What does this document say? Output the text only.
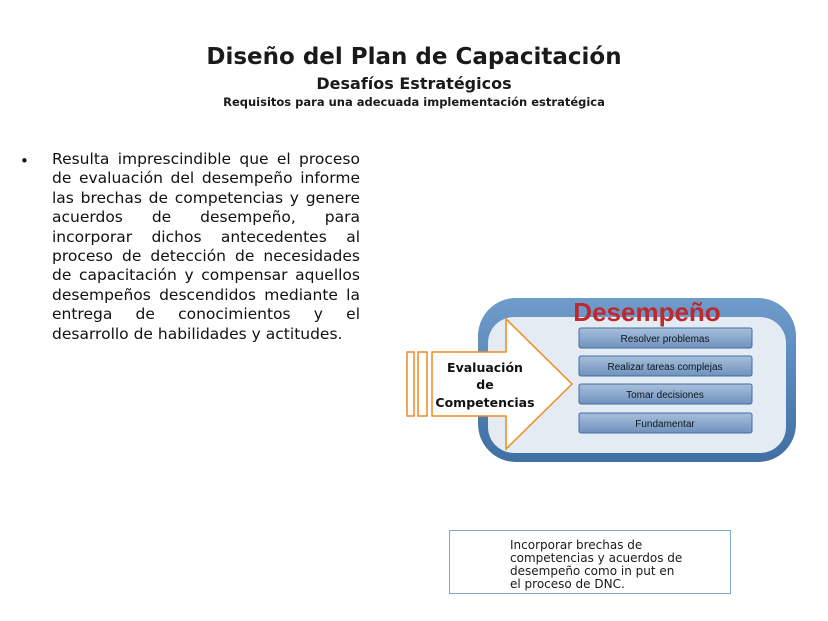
Diseño del Plan de Capacitación
Desafíos Estratégicos
Requisitos para una adecuada implementación estratégica
• Resulta imprescindible que el proceso de evaluación del desempeño informe las brechas de competencias y genere acuerdos de desempeño, para incorporar dichos antecedentes al proceso de detección de necesidades de capacitación y compensar aquellos desempeños descendidos mediante la entrega de conocimientos y el desarrollo de habilidades y actitudes.
Desempeño
Resolver problemas
Realizar tareas complejas
Tomar decisiones
Fundamentar
Evaluación
de
Competencias
Incorporar brechas de
competencias y acuerdos de
desempeño como in put en
el proceso de DNC.
